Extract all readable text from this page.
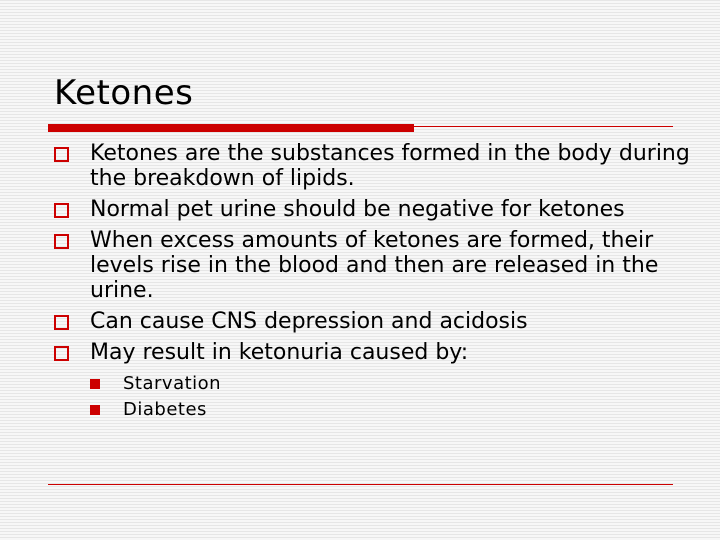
Ketones
Ketones are the substances formed in the body during the breakdown of lipids.
Normal pet urine should be negative for ketones
When excess amounts of ketones are formed, their levels rise in the blood and then are released in the urine.
Can cause CNS depression and acidosis
May result in ketonuria caused by:
Starvation
Diabetes
